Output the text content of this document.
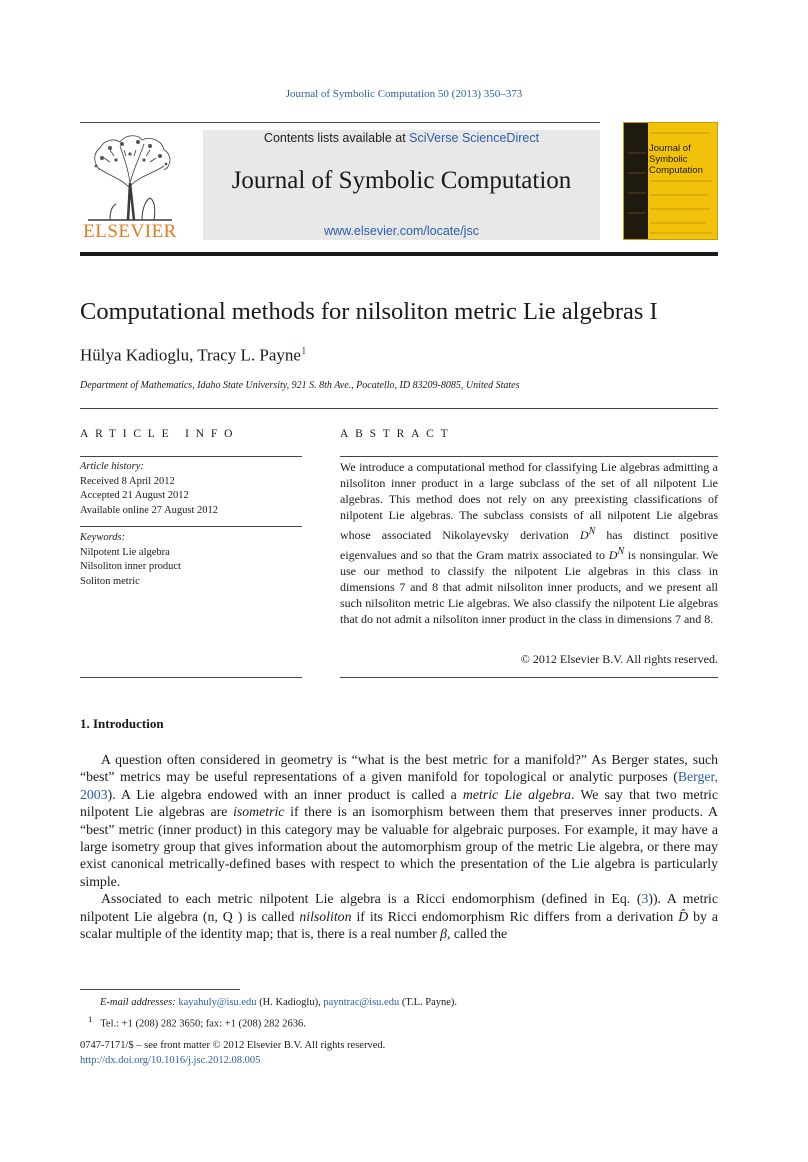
Journal of Symbolic Computation 50 (2013) 350–373
ELSEVIER
Contents lists available at SciVerse ScienceDirect
Journal of Symbolic Computation
www.elsevier.com/locate/jsc
Journal of
Symbolic
Computation
Computational methods for nilsoliton metric Lie algebras I
Hülya Kadioglu, Tracy L. Payne$^1$
Department of Mathematics, Idaho State University, 921 S. 8th Ave., Pocatello, ID 83209-8085, United States
ARTICLE INFO	ABSTRACT
Article history:
Received 8 April 2012
Accepted 21 August 2012
Available online 27 August 2012
Keywords:
Nilpotent Lie algebra
Nilsoliton inner product
Soliton metric
We introduce a computational method for classifying Lie algebras admitting a nilsoliton inner product in a large subclass of the set of all nilpotent Lie algebras. This method does not rely on any preexisting classifications of nilpotent Lie algebras. The subclass consists of all nilpotent Lie algebras whose associated Nikolayevsky derivation $D^N$ has distinct positive eigenvalues and so that the Gram matrix associated to $D^N$ is nonsingular. We use our method to classify the nilpotent Lie algebras in this class in dimensions 7 and 8 that admit nilsoliton inner products, and we present all such nilsoliton metric Lie algebras. We also classify the nilpotent Lie algebras that do not admit a nilsoliton inner product in the class in dimensions 7 and 8.
© 2012 Elsevier B.V. All rights reserved.
1. Introduction

A question often considered in geometry is “what is the best metric for a manifold?” As Berger states, such “best” metrics may be useful representations of a given manifold for topological or analytic purposes (Berger, 2003). A Lie algebra endowed with an inner product is called a metric Lie algebra. We say that two metric nilpotent Lie algebras are isometric if there is an isomorphism between them that preserves inner products. A “best” metric (inner product) in this category may be valuable for algebraic purposes. For example, it may have a large isometry group that gives information about the automorphism group of the metric Lie algebra, or there may exist canonical metrically-defined bases with respect to which the presentation of the Lie algebra is particularly simple.

Associated to each metric nilpotent Lie algebra is a Ricci endomorphism (defined in Eq. (3)). A metric nilpotent Lie algebra (n, Q ) is called nilsoliton if its Ricci endomorphism Ric differs from a derivation D̂ by a scalar multiple of the identity map; that is, there is a real number β, called the

E-mail addresses: kayahuly@isu.edu (H. Kadioglu), payntrac@isu.edu (T.L. Payne).
$^1$ Tel.: +1 (208) 282 3650; fax: +1 (208) 282 2636.
0747-7171/$ – see front matter © 2012 Elsevier B.V. All rights reserved.
http://dx.doi.org/10.1016/j.jsc.2012.08.005
